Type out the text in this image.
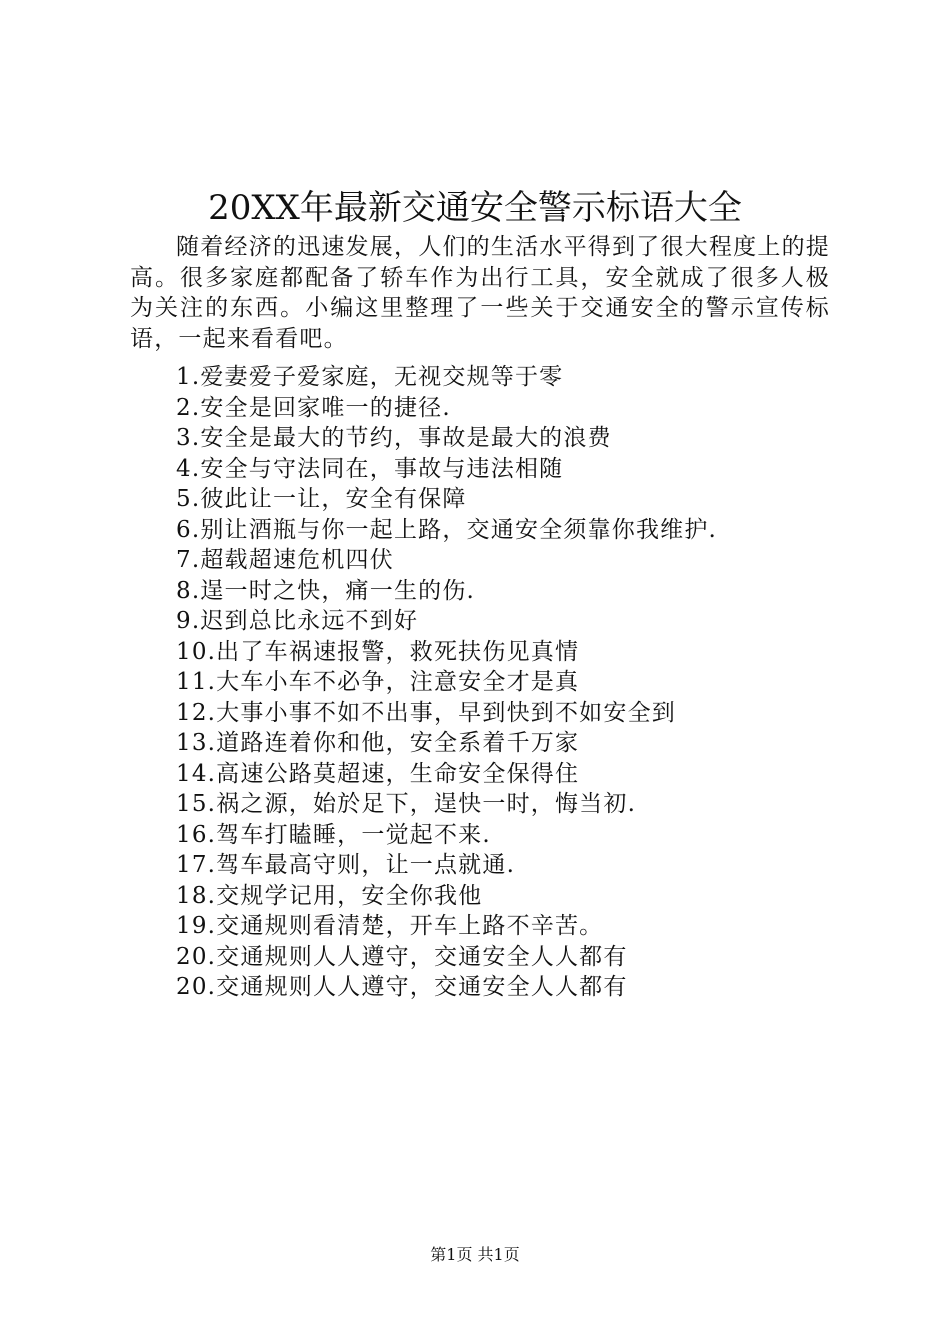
20XX年最新交通安全警示标语大全
随着经济的迅速发展，人们的生活水平得到了很大程度上的提高。很多家庭都配备了轿车作为出行工具，安全就成了很多人极为关注的东西。小编这里整理了一些关于交通安全的警示宣传标语，一起来看看吧。
1.爱妻爱子爱家庭，无视交规等于零
2.安全是回家唯一的捷径.
3.安全是最大的节约，事故是最大的浪费
4.安全与守法同在，事故与违法相随
5.彼此让一让，安全有保障
6.别让酒瓶与你一起上路，交通安全须靠你我维护.
7.超载超速危机四伏
8.逞一时之快，痛一生的伤.
9.迟到总比永远不到好
10.出了车祸速报警，救死扶伤见真情
11.大车小车不必争，注意安全才是真
12.大事小事不如不出事，早到快到不如安全到
13.道路连着你和他，安全系着千万家
14.高速公路莫超速，生命安全保得住
15.祸之源，始於足下，逞快一时，悔当初.
16.驾车打瞌睡，一觉起不来.
17.驾车最高守则，让一点就通.
18.交规学记用，安全你我他
19.交通规则看清楚，开车上路不辛苦。
20.交通规则人人遵守，交通安全人人都有
20.交通规则人人遵守，交通安全人人都有
第1页 共1页
